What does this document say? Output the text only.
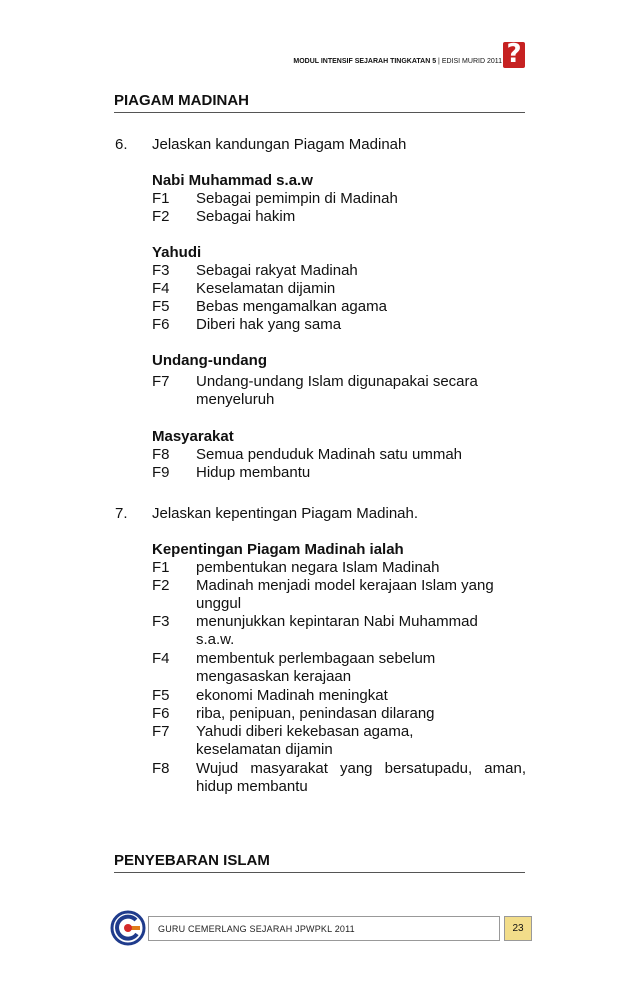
MODUL INTENSIF SEJARAH TINGKATAN 5 | EDISI MURID 2011
?
PIAGAM MADINAH
6. Jelaskan kandungan Piagam Madinah
Nabi Muhammad s.a.w
F1 Sebagai pemimpin di Madinah
F2 Sebagai hakim
Yahudi
F3 Sebagai rakyat Madinah
F4 Keselamatan dijamin
F5 Bebas mengamalkan agama
F6 Diberi hak yang sama
Undang-undang
F7 Undang-undang Islam digunapakai secara menyeluruh
Masyarakat
F8 Semua penduduk Madinah satu ummah
F9 Hidup membantu
7. Jelaskan kepentingan Piagam Madinah.
Kepentingan Piagam Madinah ialah
F1 pembentukan negara Islam Madinah
F2 Madinah menjadi model kerajaan Islam yang unggul
F3 menunjukkan kepintaran Nabi Muhammad s.a.w.
F4 membentuk perlembagaan sebelum mengasaskan kerajaan
F5 ekonomi Madinah meningkat
F6 riba, penipuan, penindasan dilarang
F7 Yahudi diberi kekebasan agama, keselamatan dijamin
F8 Wujud masyarakat yang bersatupadu, aman, hidup membantu
PENYEBARAN ISLAM
GURU CEMERLANG SEJARAH JPWPKL 2011	23
